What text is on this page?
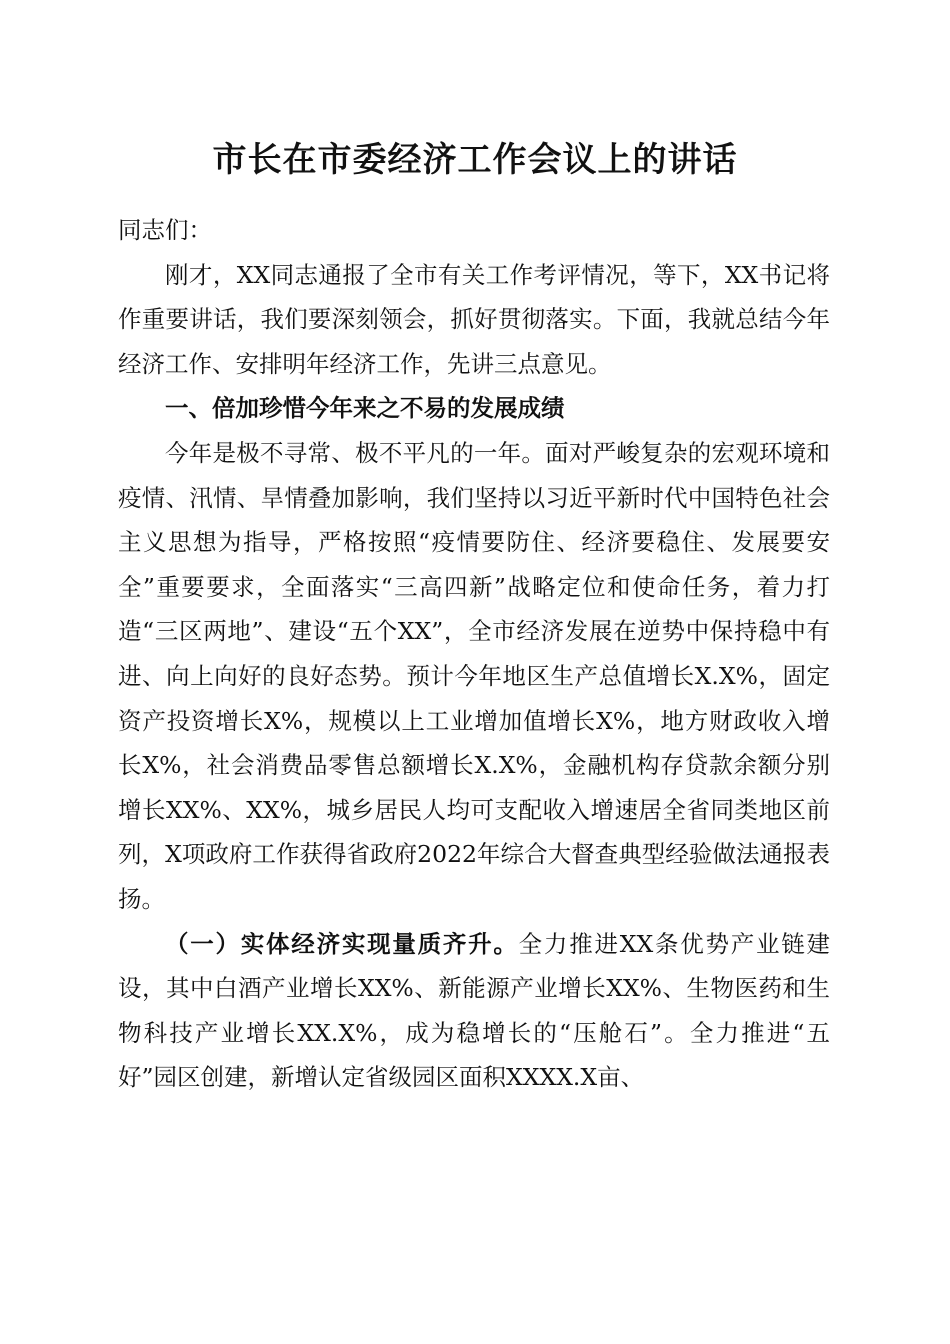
市长在市委经济工作会议上的讲话

同志们：

刚才，XX同志通报了全市有关工作考评情况，等下，XX书记将作重要讲话，我们要深刻领会，抓好贯彻落实。下面，我就总结今年经济工作、安排明年经济工作，先讲三点意见。

一、倍加珍惜今年来之不易的发展成绩

今年是极不寻常、极不平凡的一年。面对严峻复杂的宏观环境和疫情、汛情、旱情叠加影响，我们坚持以习近平新时代中国特色社会主义思想为指导，严格按照“疫情要防住、经济要稳住、发展要安全”重要要求，全面落实“三高四新”战略定位和使命任务，着力打造“三区两地”、建设“五个XX”，全市经济发展在逆势中保持稳中有进、向上向好的良好态势。预计今年地区生产总值增长X.X%，固定资产投资增长X%，规模以上工业增加值增长X%，地方财政收入增长X%，社会消费品零售总额增长X.X%，金融机构存贷款余额分别增长XX%、XX%，城乡居民人均可支配收入增速居全省同类地区前列，X项政府工作获得省政府2022年综合大督查典型经验做法通报表扬。

（一）实体经济实现量质齐升。全力推进XX条优势产业链建设，其中白酒产业增长XX%、新能源产业增长XX%、生物医药和生物科技产业增长XX.X%，成为稳增长的“压舱石”。全力推进“五好”园区创建，新增认定省级园区面积XXXX.X亩、
